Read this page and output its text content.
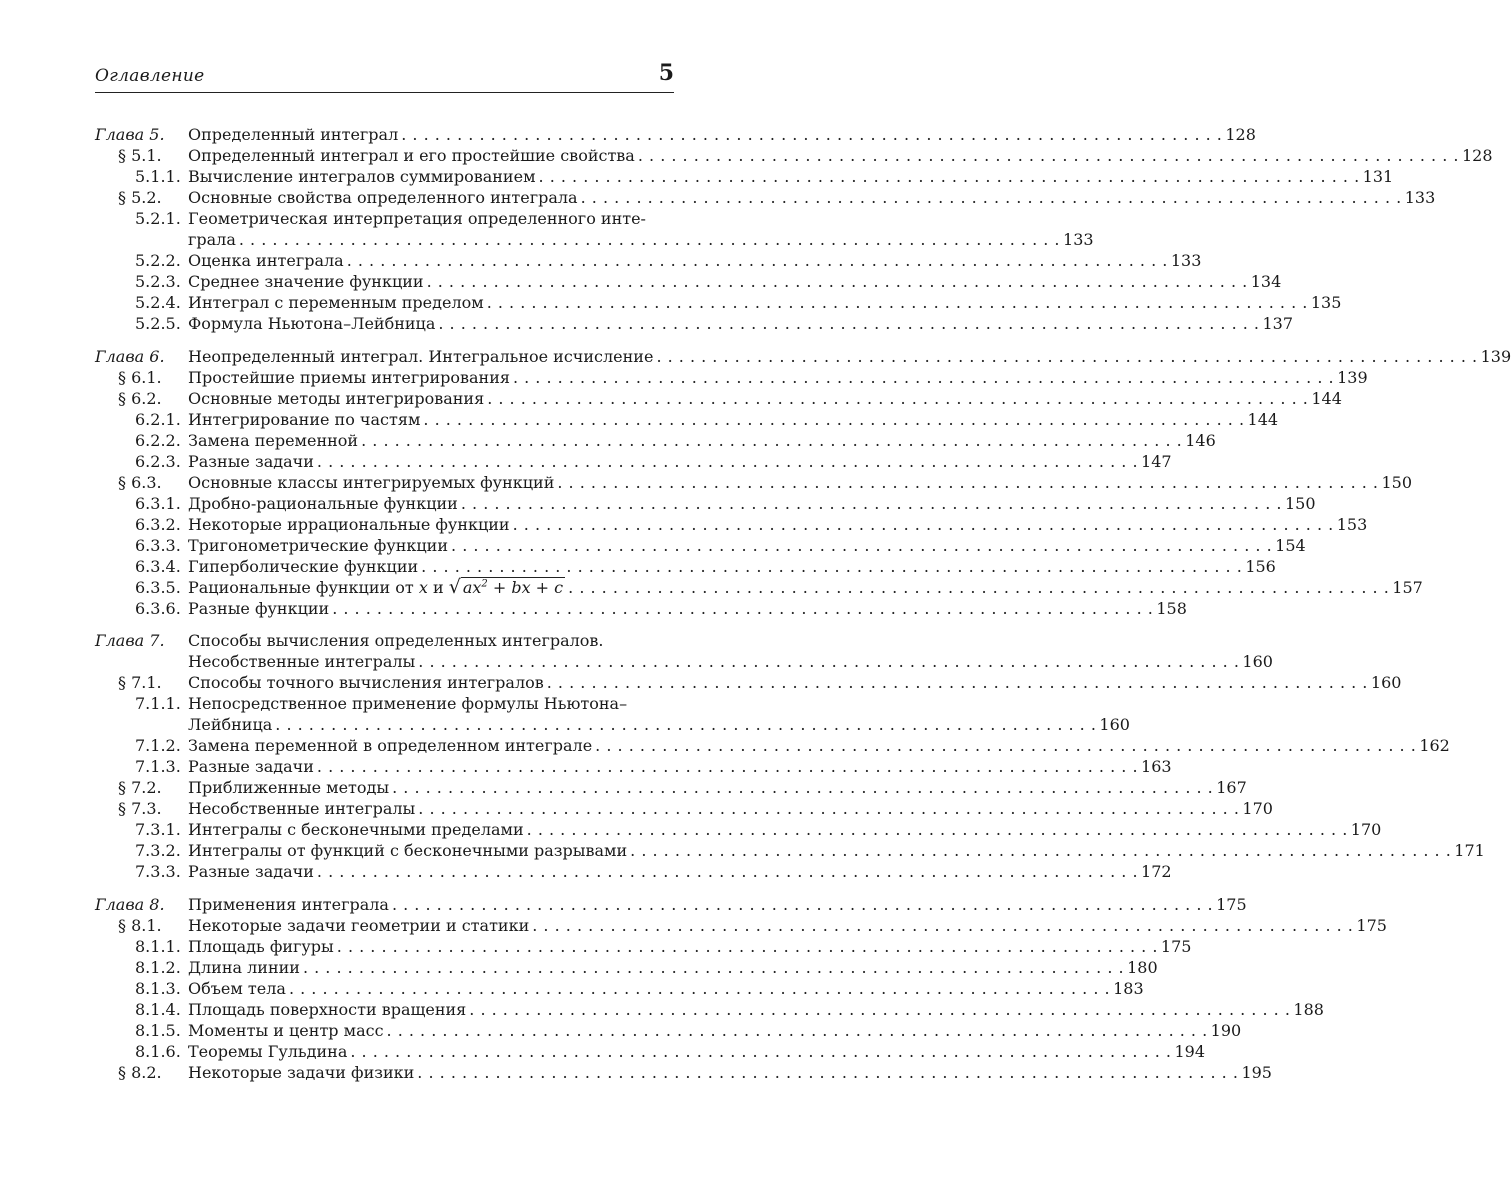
Оглавление	5
Глава 5.	Определенный интеграл . . .	128
§ 5.1.	Определенный интеграл и его простейшие свойства . . .	128
5.1.1. Вычисление интегралов суммированием . . .	131
§ 5.2.	Основные свойства определенного интеграла . . .	133
5.2.1. Геометрическая интерпретация определенного инте-
грала . . .	133
5.2.2. Оценка интеграла . . .	133
5.2.3. Среднее значение функции . . .	134
5.2.4. Интеграл с переменным пределом . . .	135
5.2.5. Формула Ньютона–Лейбница . . .	137
Глава 6.	Неопределенный интеграл. Интегральное исчисление . . .	139
§ 6.1.	Простейшие приемы интегрирования . . .	139
§ 6.2.	Основные методы интегрирования . . .	144
6.2.1. Интегрирование по частям . . .	144
6.2.2. Замена переменной . . .	146
6.2.3. Разные задачи . . .	147
§ 6.3.	Основные классы интегрируемых функций . . .	150
6.3.1. Дробно-рациональные функции . . .	150
6.3.2. Некоторые иррациональные функции . . .	153
6.3.3. Тригонометрические функции . . .	154
6.3.4. Гиперболические функции . . .	156
6.3.5. Рациональные функции от x и √ $ax^2$ + bx + c . . .	157
6.3.6. Разные функции . . .	158
Глава 7.	Способы вычисления определенных интегралов.
Несобственные интегралы . . .	160
§ 7.1.	Способы точного вычисления интегралов . . .	160
7.1.1. Непосредственное применение формулы Ньютона–
Лейбница . . .	160
7.1.2. Замена переменной в определенном интеграле . . .	162
7.1.3. Разные задачи . . .	163
§ 7.2.	Приближенные методы . . .	167
§ 7.3.	Несобственные интегралы . . .	170
7.3.1. Интегралы с бесконечными пределами . . .	170
7.3.2. Интегралы от функций с бесконечными разрывами . . .	171
7.3.3. Разные задачи . . .	172
Глава 8.	Применения интеграла . . .	175
§ 8.1.	Некоторые задачи геометрии и статики . . .	175
8.1.1. Площадь фигуры . . .	175
8.1.2. Длина линии . . .	180
8.1.3. Объем тела . . .	183
8.1.4. Площадь поверхности вращения . . .	188
8.1.5. Моменты и центр масс . . .	190
8.1.6. Теоремы Гульдина . . .	194
§ 8.2.	Некоторые задачи физики . . .	195
